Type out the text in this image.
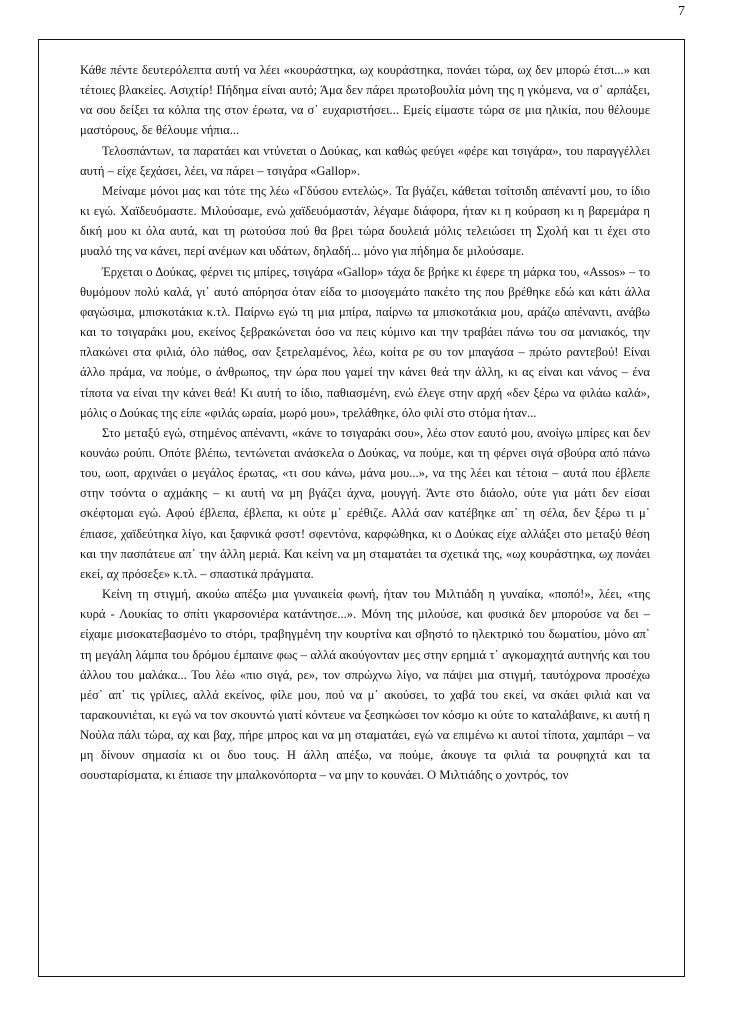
7

Κάθε πέντε δευτερόλεπτα αυτή να λέει «κουράστηκα, ωχ κουράστηκα, πονάει τώρα, ωχ δεν μπορώ έτσι...» και τέτοιες βλακείες. Ασιχτίρ! Πήδημα είναι αυτό; Άμα δεν πάρει πρωτοβουλία μόνη της η γκόμενα, να σ᾽ αρπάξει, να σου δείξει τα κόλπα της στον έρωτα, να σ᾽ ευχαριστήσει... Εμείς είμαστε τώρα σε μια ηλικία, που θέλουμε μαστόρους, δε θέλουμε νήπια...

Τελοσπάντων, τα παρατάει και ντύνεται ο Δούκας, και καθώς φεύγει «φέρε και τσιγάρα», του παραγγέλλει αυτή – είχε ξεχάσει, λέει, να πάρει – τσιγάρα «Gallop».

Μείναμε μόνοι μας και τότε της λέω «Γδύσου εντελώς». Τα βγάζει, κάθεται τσίτσιδη απέναντί μου, το ίδιο κι εγώ. Χαϊδευόμαστε. Μιλούσαμε, ενώ χαϊδευόμαστάν, λέγαμε διάφορα, ήταν κι η κούραση κι η βαρεμάρα η δική μου κι όλα αυτά, και τη ρωτούσα πού θα βρει τώρα δουλειά μόλις τελειώσει τη Σχολή και τι έχει στο μυαλό της να κάνει, περί ανέμων και υδάτων, δηλαδή... μόνο για πήδημα δε μιλούσαμε.

Έρχεται ο Δούκας, φέρνει τις μπίρες, τσιγάρα «Gallop» τάχα δε βρήκε κι έφερε τη μάρκα του, «Assos» – το θυμόμουν πολύ καλά, γι᾽ αυτό απόρησα όταν είδα το μισογεμάτο πακέτο της που βρέθηκε εδώ και κάτι άλλα φαγώσιμα, μπισκοτάκια κ.τλ. Παίρνω εγώ τη μια μπίρα, παίρνω τα μπισκοτάκια μου, αράζω απέναντι, ανάβω και το τσιγαράκι μου, εκείνος ξεβρακώνεται όσο να πεις κύμινο και την τραβάει πάνω του σα μανιακός, την πλακώνει στα φιλιά, όλο πάθος, σαν ξετρελαμένος, λέω, κοίτα ρε συ τον μπαγάσα – πρώτο ραντεβού! Είναι άλλο πράμα, να πούμε, ο άνθρωπος, την ώρα που γαμεί την κάνει θεά την άλλη, κι ας είναι και νάνος – ένα τίποτα να είναι την κάνει θεά! Κι αυτή το ίδιο, παθιασμένη, ενώ έλεγε στην αρχή «δεν ξέρω να φιλάω καλά», μόλις ο Δούκας της είπε «φιλάς ωραία, μωρό μου», τρελάθηκε, όλο φιλί στο στόμα ήταν...

Στο μεταξύ εγώ, στημένος απέναντι, «κάνε το τσιγαράκι σου», λέω στον εαυτό μου, ανοίγω μπίρες και δεν κουνάω ρούπι. Οπότε βλέπω, τεντώνεται ανάσκελα ο Δούκας, να πούμε, και τη φέρνει σιγά σβούρα από πάνω του, ωοπ, αρχινάει ο μεγάλος έρωτας, «τι σου κάνω, μάνα μου...», να της λέει και τέτοια – αυτά που έβλεπε στην τσόντα ο αχμάκης – κι αυτή να μη βγάζει άχνα, μουγγή. Άντε στο διάολο, ούτε για μάτι δεν είσαι σκέφτομαι εγώ. Αφού έβλεπα, έβλεπα, κι ούτε μ᾽ ερέθιζε. Αλλά σαν κατέβηκε απ᾽ τη σέλα, δεν ξέρω τι μ᾽ έπιασε, χαϊδεύτηκα λίγο, και ξαφνικά φσστ! σφεντόνα, καρφώθηκα, κι ο Δούκας είχε αλλάξει στο μεταξύ θέση και την πασπάτευε απ᾽ την άλλη μεριά. Και κείνη να μη σταματάει τα σχετικά της, «ωχ κουράστηκα, ωχ πονάει εκεί, αχ πρόσεξε» κ.τλ. – σπαστικά πράγματα.

Κείνη τη στιγμή, ακούω απέξω μια γυναικεία φωνή, ήταν του Μιλτιάδη η γυναίκα, «ποπό!», λέει, «της κυρά - Λουκίας το σπίτι γκαρσονιέρα κατάντησε...». Μόνη της μιλούσε, και φυσικά δεν μπορούσε να δει – είχαμε μισοκατεβασμένο το στόρι, τραβηγμένη την κουρτίνα και σβηστό το ηλεκτρικό του δωματίου, μόνο απ᾽ τη μεγάλη λάμπα του δρόμου έμπαινε φως – αλλά ακούγονταν μες στην ερημιά τ᾽ αγκομαχητά αυτηνής και του άλλου του μαλάκα... Του λέω «πιο σιγά, ρε», τον σπρώχνω λίγο, να πάψει μια στιγμή, ταυτόχρονα προσέχω μέσ᾽ απ᾽ τις γρίλιες, αλλά εκείνος, φίλε μου, πού να μ᾽ ακούσει, το χαβά του εκεί, να σκάει φιλιά και να ταρακουνιέται, κι εγώ να τον σκουντώ γιατί κόντευε να ξεσηκώσει τον κόσμο κι ούτε το καταλάβαινε, κι αυτή η Νούλα πάλι τώρα, αχ και βαχ, πήρε μπρος και να μη σταματάει, εγώ να επιμένω κι αυτοί τίποτα, χαμπάρι – να μη δίνουν σημασία κι οι δυο τους. Η άλλη απέξω, να πούμε, άκουγε τα φιλιά τα ρουφηχτά και τα σουσταρίσματα, κι έπιασε την μπαλκονόπορτα – να μην το κουνάει. Ο Μιλτιάδης ο χοντρός, τον
